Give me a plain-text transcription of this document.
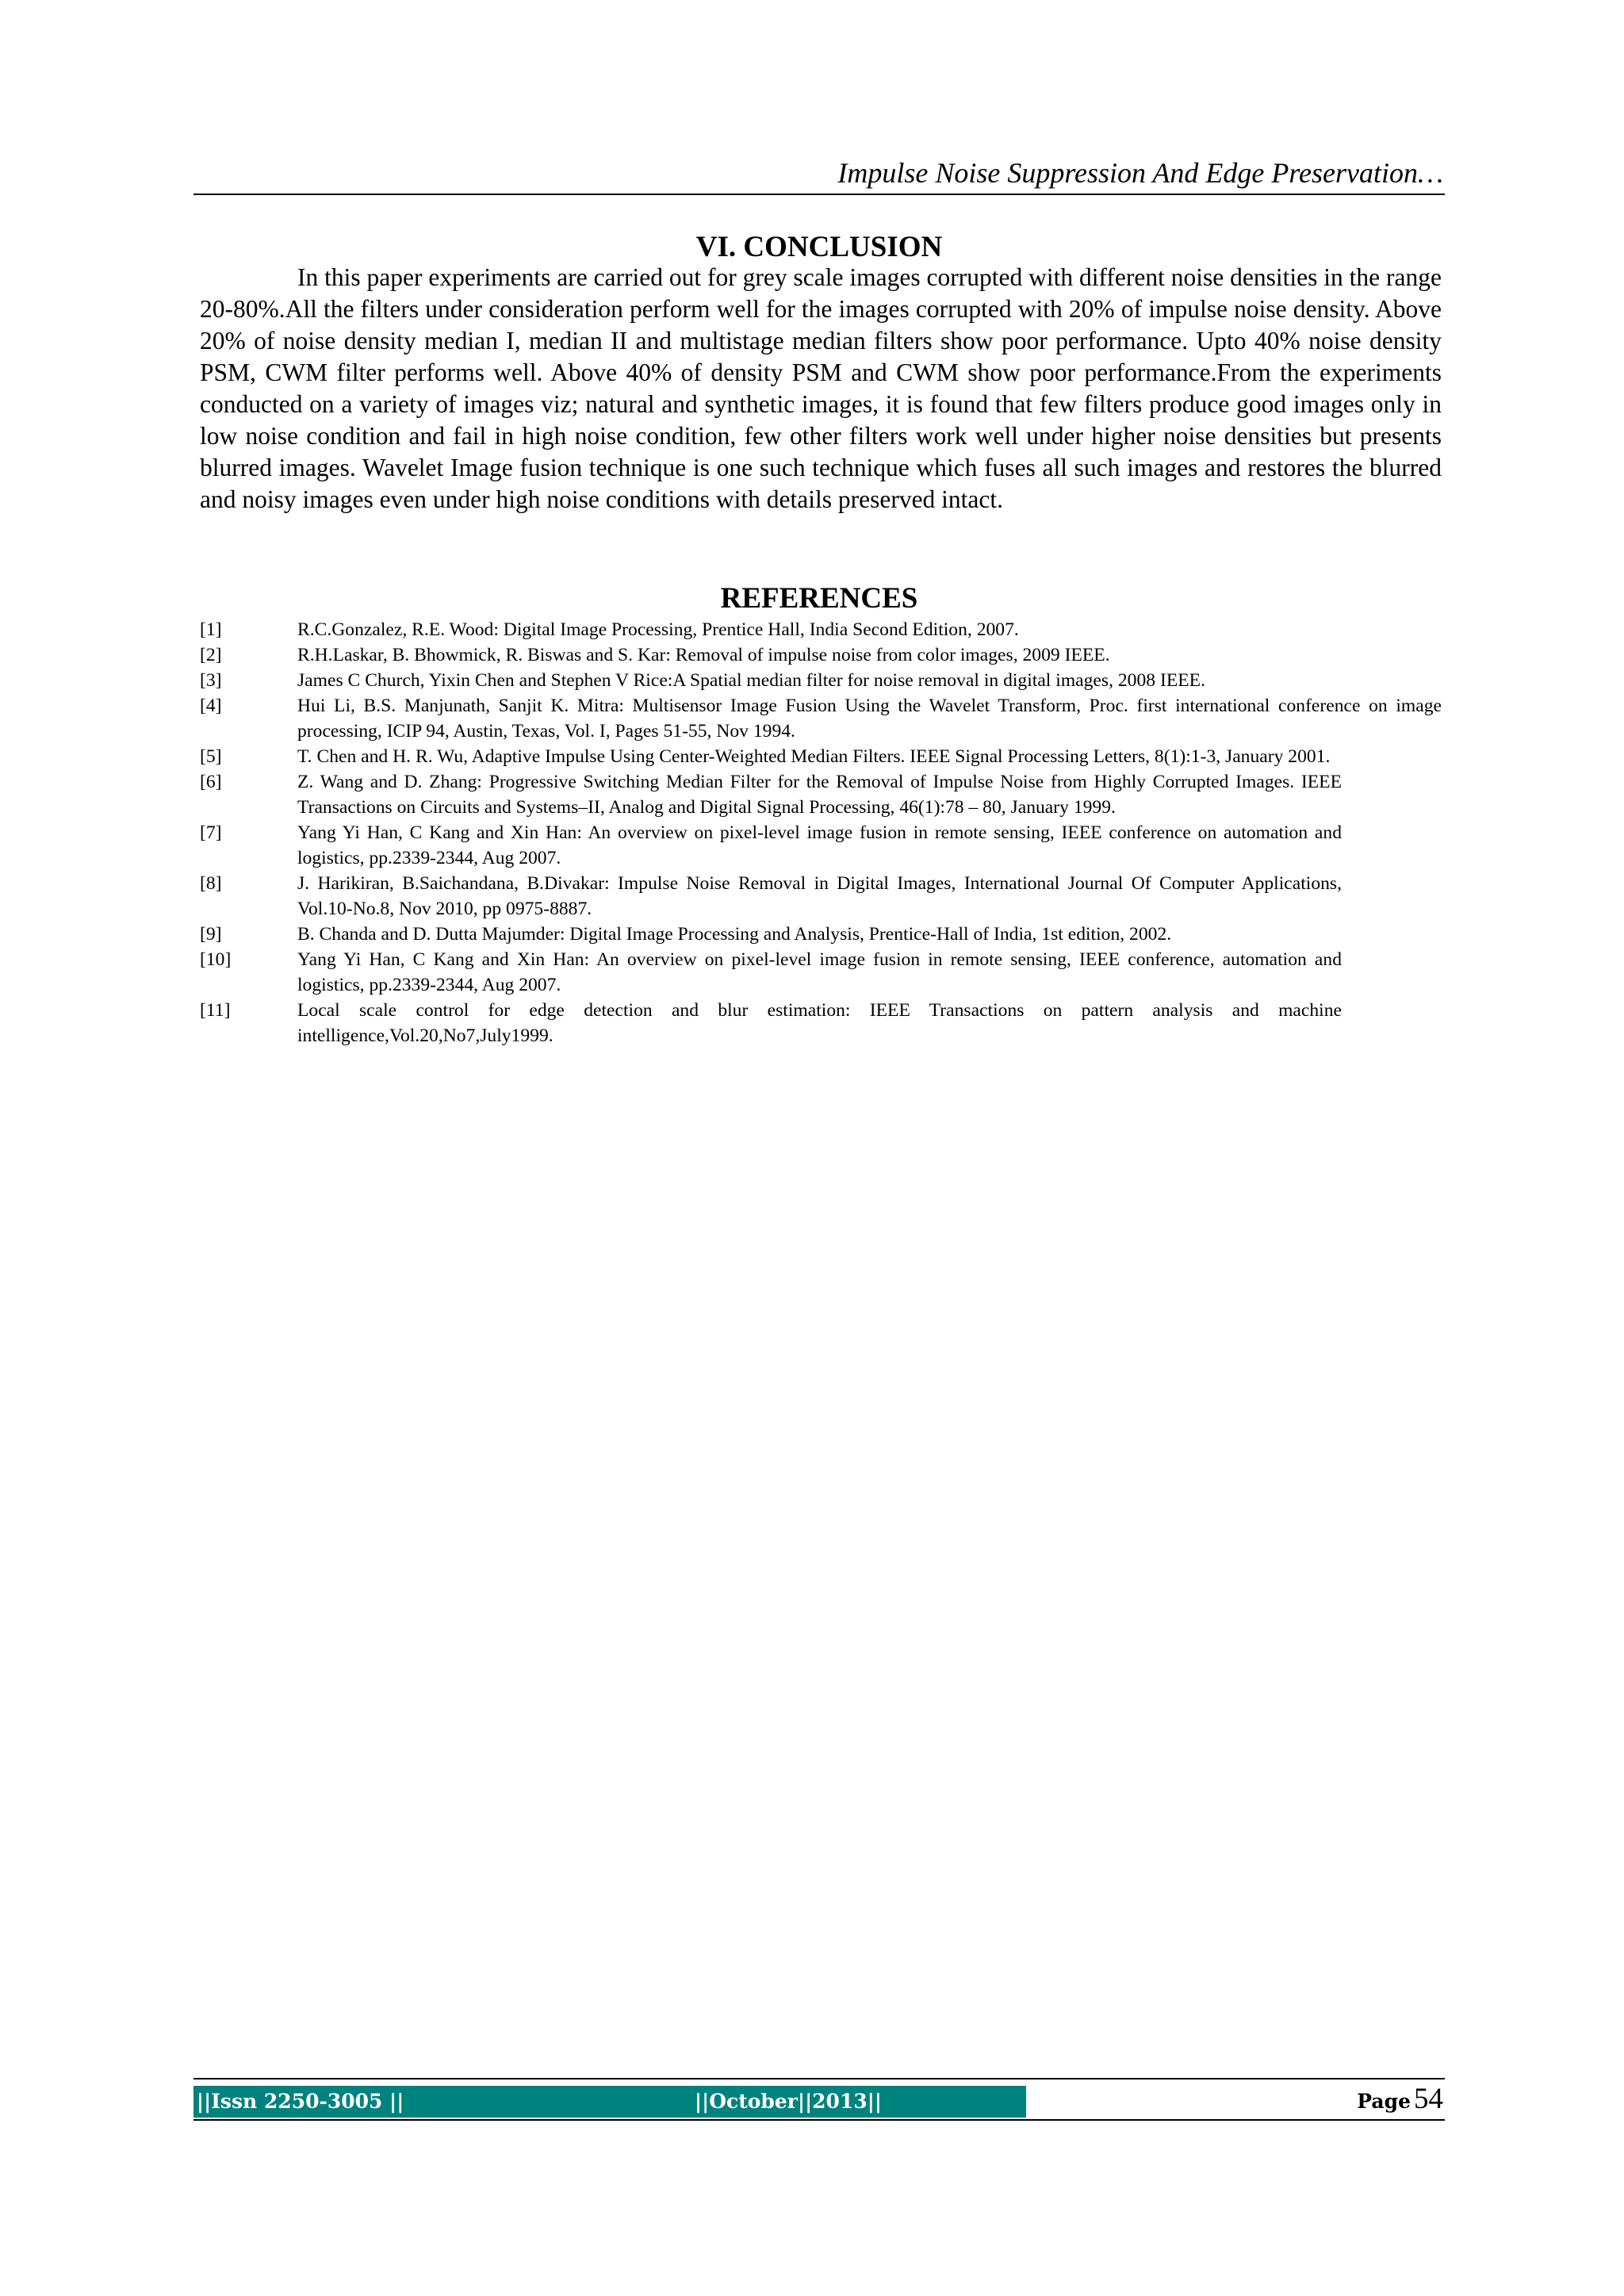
Impulse Noise Suppression And Edge Preservation…
VI. CONCLUSION

In this paper experiments are carried out for grey scale images corrupted with different noise densities in the range 20-80%.All the filters under consideration perform well for the images corrupted with 20% of impulse noise density. Above 20% of noise density median I, median II and multistage median filters show poor performance. Upto 40% noise density PSM, CWM filter performs well. Above 40% of density PSM and CWM show poor performance.From the experiments conducted on a variety of images viz; natural and synthetic images, it is found that few filters produce good images only in low noise condition and fail in high noise condition, few other filters work well under higher noise densities but presents blurred images. Wavelet Image fusion technique is one such technique which fuses all such images and restores the blurred and noisy images even under high noise conditions with details preserved intact.

REFERENCES
[1]	R.C.Gonzalez, R.E. Wood: Digital Image Processing, Prentice Hall, India Second Edition, 2007.
[2]	R.H.Laskar, B. Bhowmick, R. Biswas and S. Kar: Removal of impulse noise from color images, 2009 IEEE.
[3]	James C Church, Yixin Chen and Stephen V Rice:A Spatial median filter for noise removal in digital images, 2008 IEEE.
[4]	Hui Li, B.S. Manjunath, Sanjit K. Mitra: Multisensor Image Fusion Using the Wavelet Transform, Proc. first international conference on image processing, ICIP 94, Austin, Texas, Vol. I, Pages 51-55, Nov 1994.
[5]	T. Chen and H. R. Wu, Adaptive Impulse Using Center-Weighted Median Filters. IEEE Signal Processing Letters, 8(1):1-3, January 2001.
[6]	Z. Wang and D. Zhang: Progressive Switching Median Filter for the Removal of Impulse Noise from Highly Corrupted Images. IEEE Transactions on Circuits and Systems–II, Analog and Digital Signal Processing, 46(1):78 – 80, January 1999.
[7]	Yang Yi Han, C Kang and Xin Han: An overview on pixel-level image fusion in remote sensing, IEEE conference on automation and logistics, pp.2339-2344, Aug 2007.
[8]	J. Harikiran, B.Saichandana, B.Divakar: Impulse Noise Removal in Digital Images, International Journal Of Computer Applications, Vol.10-No.8, Nov 2010, pp 0975-8887.
[9]	B. Chanda and D. Dutta Majumder: Digital Image Processing and Analysis, Prentice-Hall of India, 1st edition, 2002.
[10]	Yang Yi Han, C Kang and Xin Han: An overview on pixel-level image fusion in remote sensing, IEEE conference, automation and logistics, pp.2339-2344, Aug 2007.
[11]	Local scale control for edge detection and blur estimation: IEEE Transactions on pattern analysis and machine intelligence,Vol.20,No7,July1999.
||Issn 2250-3005 ||	||October||2013||	Page 54
